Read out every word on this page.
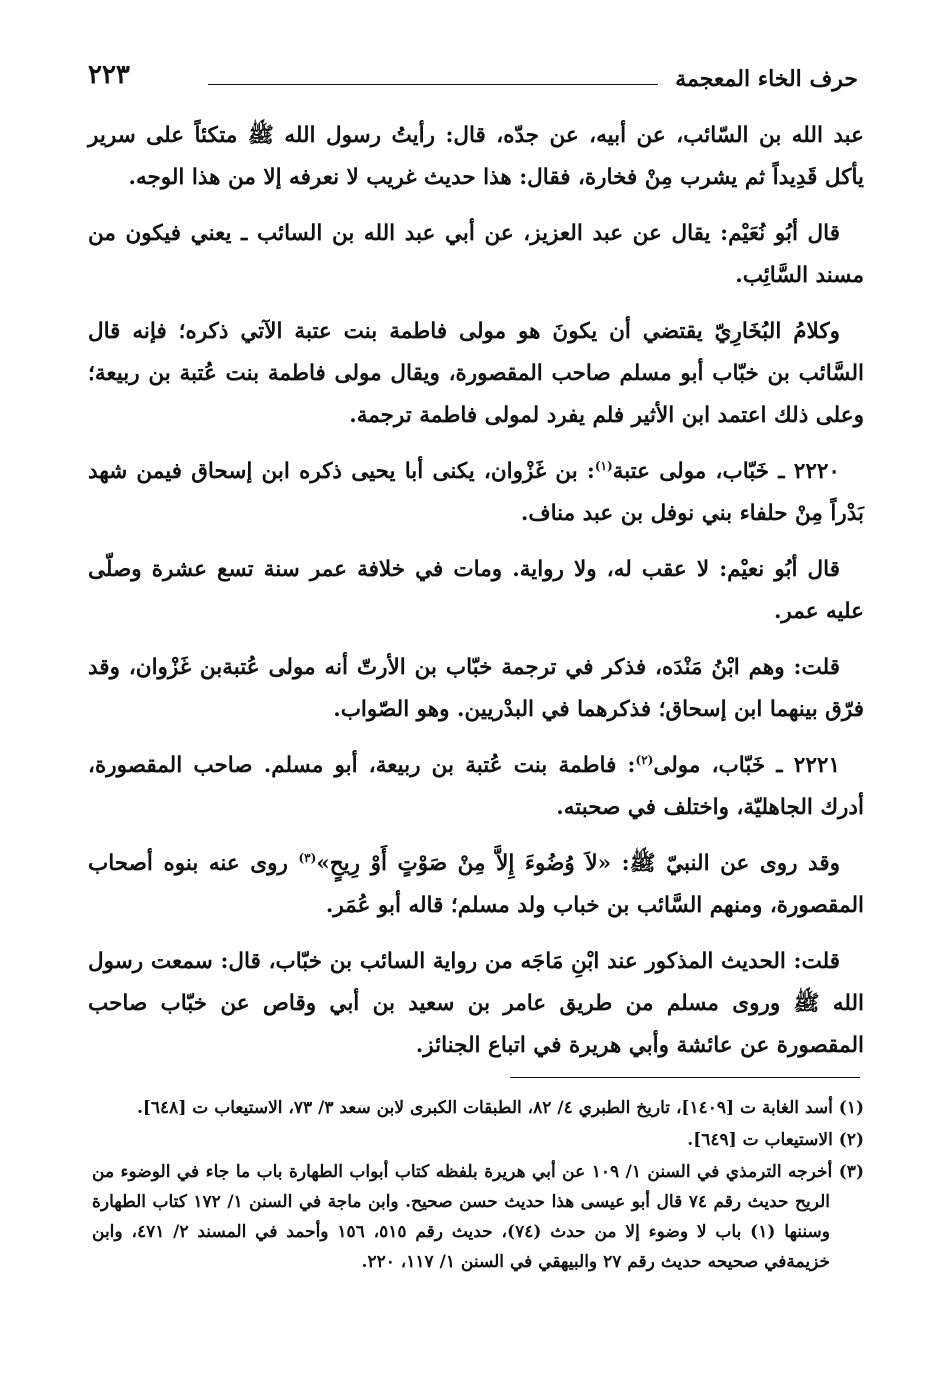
حرف الخاء المعجمة
٢٢٣

عبد الله بن السّائب، عن أبيه، عن جدّه، قال: رأيتُ رسول الله ﷺ متكئاً على سرير يأكل قَدِيداً ثم يشرب مِنْ فخارة، فقال: هذا حديث غريب لا نعرفه إلا من هذا الوجه.

قال أبُو نُعَيْم: يقال عن عبد العزيز، عن أبي عبد الله بن السائب ـ يعني فيكون من مسند السَّائِب.

وكلامُ البُخَارِيّ يقتضي أن يكونَ هو مولى فاطمة بنت عتبة الآتي ذكره؛ فإنه قال السَّائب بن خبّاب أبو مسلم صاحب المقصورة، ويقال مولى فاطمة بنت عُتبة بن ربيعة؛ وعلى ذلك اعتمد ابن الأثير فلم يفرد لمولى فاطمة ترجمة.

٢٢٢٠ ـ خَبّاب، مولى عتبة$^{(١)}$: بن غَزْوان، يكنى أبا يحيى ذكره ابن إسحاق فيمن شهد بَدْراً مِنْ حلفاء بني نوفل بن عبد مناف.

قال أبُو نعيْم: لا عقب له، ولا رواية. ومات في خلافة عمر سنة تسع عشرة وصلّى عليه عمر.

قلت: وهم ابْنُ مَنْدَه، فذكر في ترجمة خبّاب بن الأرتّ أنه مولى عُتبةبن غَزْوان، وقد فرّق بينهما ابن إسحاق؛ فذكرهما في البدْريين. وهو الصّواب.

٢٢٢١ ـ خَبّاب، مولى$^{(٢)}$: فاطمة بنت عُتبة بن ربيعة، أبو مسلم. صاحب المقصورة، أدرك الجاهليّة، واختلف في صحبته.

وقد روى عن النبيّ ﷺ: «لاَ وُضُوءَ إِلاَّ مِنْ صَوْتٍ أَوْ رِيحٍ»$^{(٣)}$ روى عنه بنوه أصحاب المقصورة، ومنهم السَّائب بن خباب ولد مسلم؛ قاله أبو عُمَر.

قلت: الحديث المذكور عند ابْنِ مَاجَه من رواية السائب بن خبّاب، قال: سمعت رسول الله ﷺ وروى مسلم من طريق عامر بن سعيد بن أبي وقاص عن خبّاب صاحب المقصورة عن عائشة وأبي هريرة في اتباع الجنائز.

(١) أسد الغابة ت [١٤٠٩]، تاريخ الطبري ٤/ ٨٢، الطبقات الكبرى لابن سعد ٣/ ٧٣، الاستيعاب ت [٦٤٨].

(٢) الاستيعاب ت [٦٤٩].

(٣) أخرجه الترمذي في السنن ١/ ١٠٩ عن أبي هريرة بلفظه كتاب أبواب الطهارة باب ما جاء في الوضوء من الريح حديث رقم ٧٤ قال أبو عيسى هذا حديث حسن صحيح. وابن ماجة في السنن ١/ ١٧٢ كتاب الطهارة وسننها (١) باب لا وضوء إلا من حدث (٧٤)، حديث رقم ٥١٥، ١٥٦ وأحمد في المسند ٢/ ٤٧١، وابن خزيمةفي صحيحه حديث رقم ٢٧ والبيهقي في السنن ١/ ١١٧، ٢٢٠.
